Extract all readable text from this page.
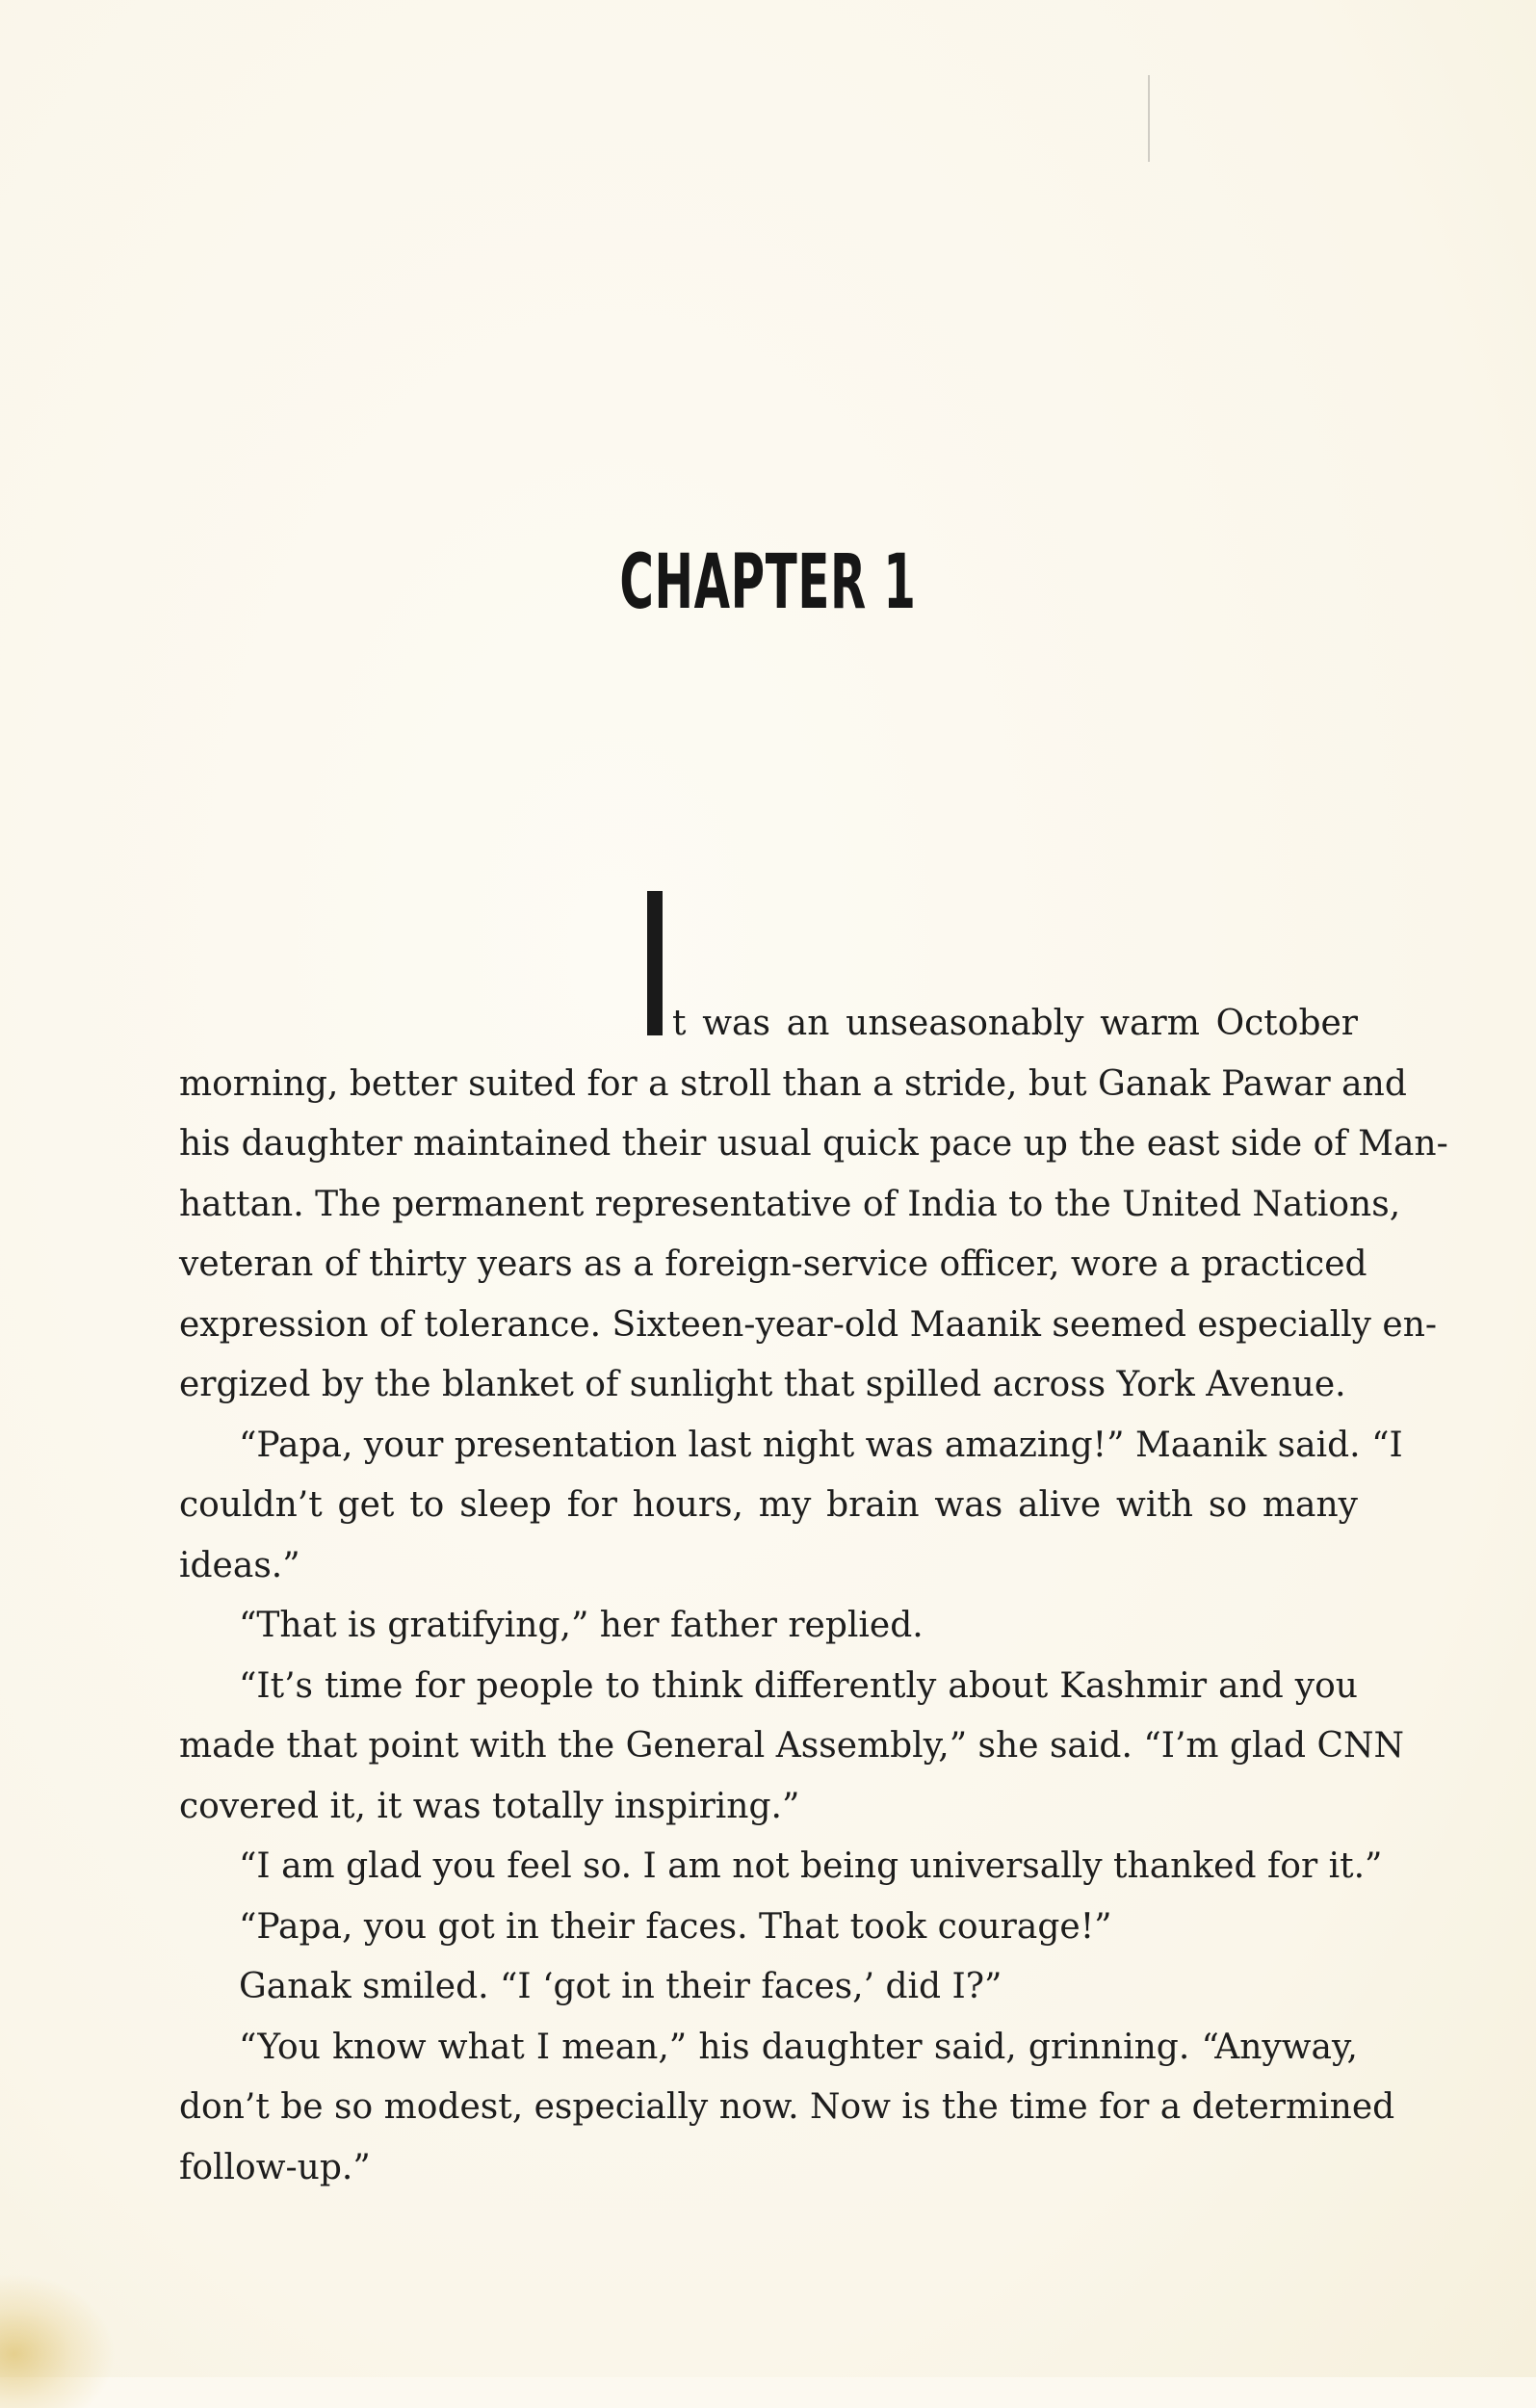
CHAPTER 1
t was an unseasonably warm October
morning, better suited for a stroll than a stride, but Ganak Pawar and
his daughter maintained their usual quick pace up the east side of Man-
hattan. The permanent representative of India to the United Nations,
veteran of thirty years as a foreign-service officer, wore a practiced
expression of tolerance. Sixteen-year-old Maanik seemed especially en-
ergized by the blanket of sunlight that spilled across York Avenue.
“Papa, your presentation last night was amazing!” Maanik said. “I
couldn’t get to sleep for hours, my brain was alive with so many
ideas.”
“That is gratifying,” her father replied.
“It’s time for people to think differently about Kashmir and you
made that point with the General Assembly,” she said. “I’m glad CNN
covered it, it was totally inspiring.”
“I am glad you feel so. I am not being universally thanked for it.”
“Papa, you got in their faces. That took courage!”
Ganak smiled. “I ‘got in their faces,’ did I?”
“You know what I mean,” his daughter said, grinning. “Anyway,
don’t be so modest, especially now. Now is the time for a determined
follow-up.”
